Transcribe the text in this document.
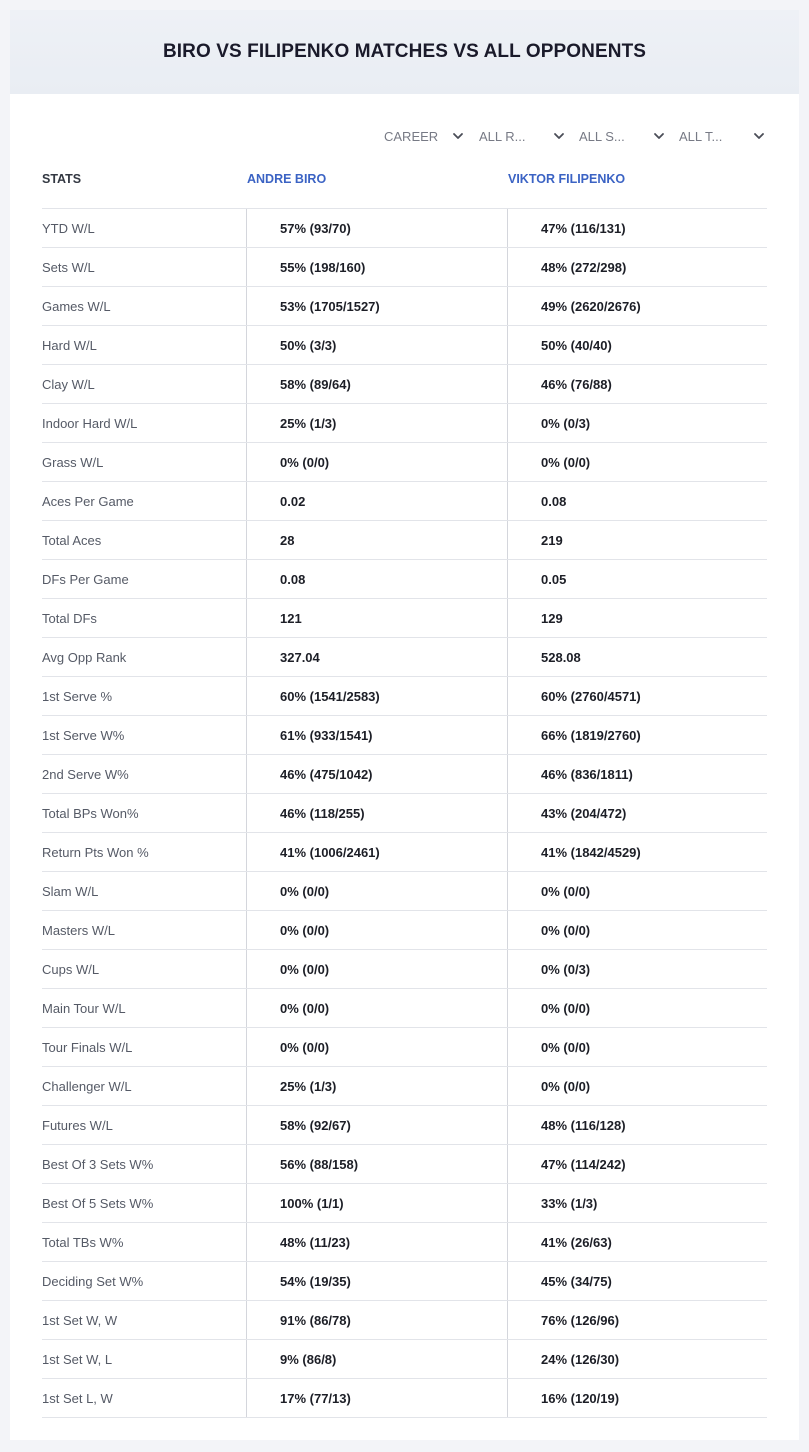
BIRO VS FILIPENKO MATCHES VS ALL OPPONENTS
CAREER	ALL R...	ALL S...	ALL T...
STATS	ANDRE BIRO	VIKTOR FILIPENKO
YTD W/L	57% (93/70)	47% (116/131)
Sets W/L	55% (198/160)	48% (272/298)
Games W/L	53% (1705/1527)	49% (2620/2676)
Hard W/L	50% (3/3)	50% (40/40)
Clay W/L	58% (89/64)	46% (76/88)
Indoor Hard W/L	25% (1/3)	0% (0/3)
Grass W/L	0% (0/0)	0% (0/0)
Aces Per Game	0.02	0.08
Total Aces	28	219
DFs Per Game	0.08	0.05
Total DFs	121	129
Avg Opp Rank	327.04	528.08
1st Serve %	60% (1541/2583)	60% (2760/4571)
1st Serve W%	61% (933/1541)	66% (1819/2760)
2nd Serve W%	46% (475/1042)	46% (836/1811)
Total BPs Won%	46% (118/255)	43% (204/472)
Return Pts Won %	41% (1006/2461)	41% (1842/4529)
Slam W/L	0% (0/0)	0% (0/0)
Masters W/L	0% (0/0)	0% (0/0)
Cups W/L	0% (0/0)	0% (0/3)
Main Tour W/L	0% (0/0)	0% (0/0)
Tour Finals W/L	0% (0/0)	0% (0/0)
Challenger W/L	25% (1/3)	0% (0/0)
Futures W/L	58% (92/67)	48% (116/128)
Best Of 3 Sets W%	56% (88/158)	47% (114/242)
Best Of 5 Sets W%	100% (1/1)	33% (1/3)
Total TBs W%	48% (11/23)	41% (26/63)
Deciding Set W%	54% (19/35)	45% (34/75)
1st Set W, W	91% (86/78)	76% (126/96)
1st Set W, L	9% (86/8)	24% (126/30)
1st Set L, W	17% (77/13)	16% (120/19)
